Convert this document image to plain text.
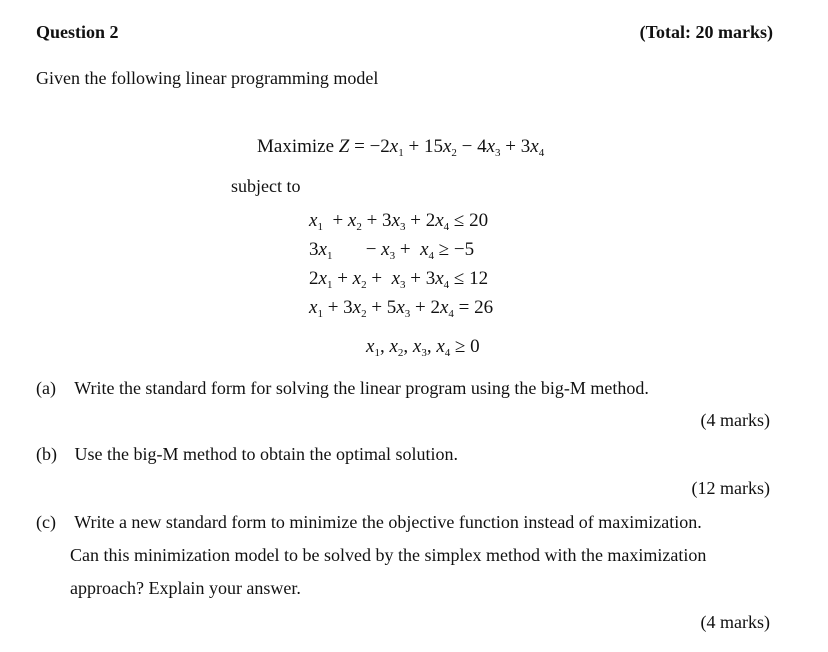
Question 2	(Total: 20 marks)
Given the following linear programming model
Maximize $Z = -2x_1 + 15x_2 - 4x_3 + 3x_4$
subject to
$x_1 + x_2 + 3x_3 + 2x_4 \le 20$
$3x_1$       − $x_3 + x_4 \ge -5$
$2x_1 + x_2 + x_3 + 3x_4 \le 12$
$x_1 + 3x_2 + 5x_3 + 2x_4 = 26$
$x_1$, $x_2$, $x_3$, $x_4 \ge 0$
(a) Write the standard form for solving the linear program using the big-M method.
(4 marks)
(b) Use the big-M method to obtain the optimal solution.
(12 marks)
(c) Write a new standard form to minimize the objective function instead of maximization.
Can this minimization model to be solved by the simplex method with the maximization
approach? Explain your answer.
(4 marks)
